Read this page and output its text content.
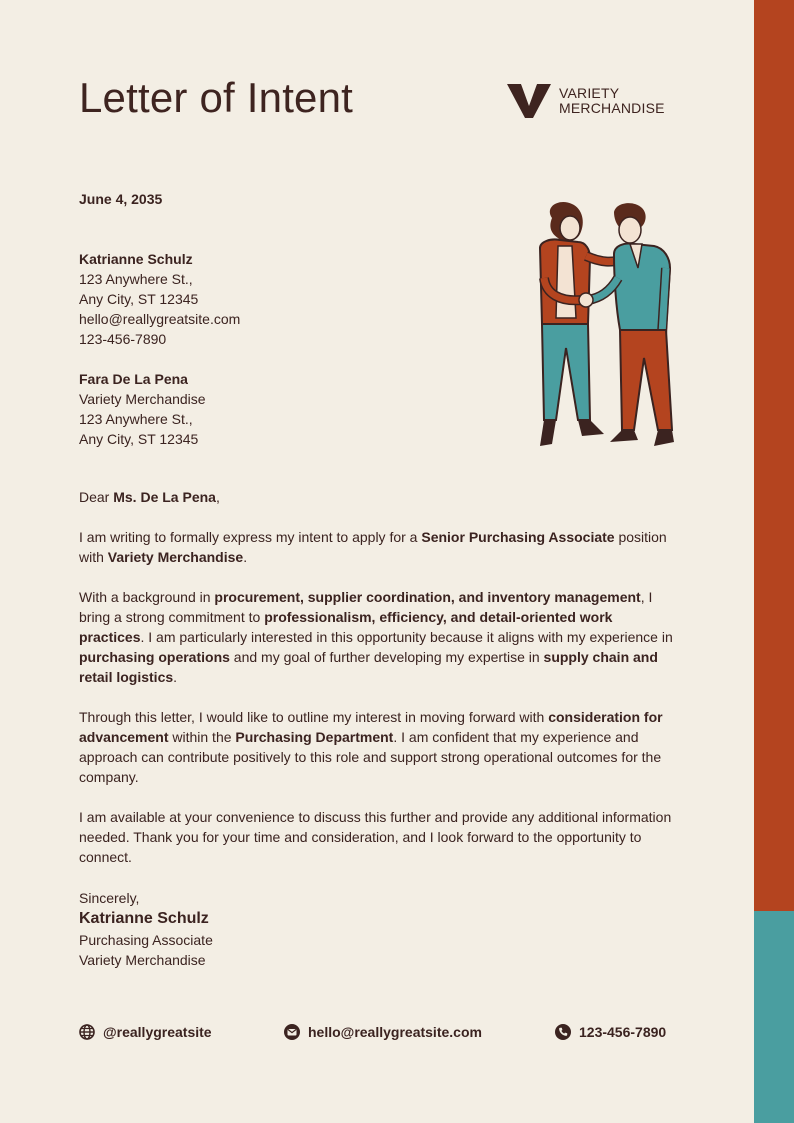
Letter of Intent	VARIETY
MERCHANDISE
June 4, 2035
Katrianne Schulz
123 Anywhere St.,
Any City, ST 12345
hello@reallygreatsite.com
123-456-7890
Fara De La Pena
Variety Merchandise
123 Anywhere St.,
Any City, ST 12345

Dear Ms. De La Pena,

I am writing to formally express my intent to apply for a Senior Purchasing Associate position with Variety Merchandise.

With a background in procurement, supplier coordination, and inventory management, I bring a strong commitment to professionalism, efficiency, and detail-oriented work practices. I am particularly interested in this opportunity because it aligns with my experience in purchasing operations and my goal of further developing my expertise in supply chain and retail logistics.

Through this letter, I would like to outline my interest in moving forward with consideration for advancement within the Purchasing Department. I am confident that my experience and approach can contribute positively to this role and support strong operational outcomes for the company.

I am available at your convenience to discuss this further and provide any additional information needed. Thank you for your time and consideration, and I look forward to the opportunity to connect.

Sincerely,
Katrianne Schulz
Purchasing Associate
Variety Merchandise
@reallygreatsite	hello@reallygreatsite.com	123-456-7890
